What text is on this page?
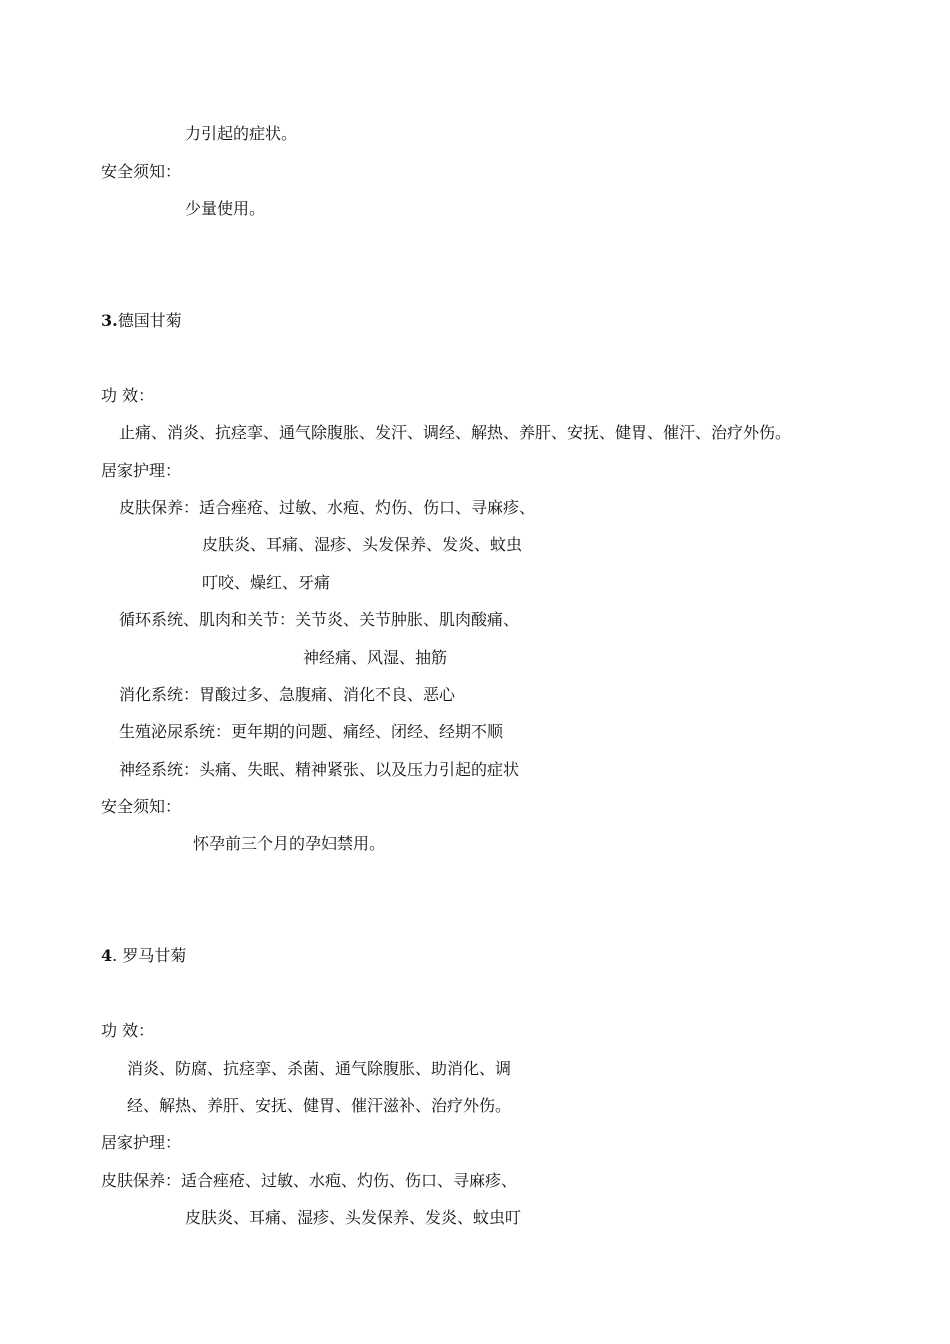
力引起的症状。
安全须知：
少量使用。
3.德国甘菊
功 效：
止痛、消炎、抗痉挛、通气除腹胀、发汗、调经、解热、养肝、安抚、健胃、催汗、治疗外伤。
居家护理：
皮肤保养：适合痤疮、过敏、水疱、灼伤、伤口、寻麻疹、
皮肤炎、耳痛、湿疹、头发保养、发炎、蚊虫
叮咬、燥红、牙痛
循环系统、肌肉和关节：关节炎、关节肿胀、肌肉酸痛、
神经痛、风湿、抽筋
消化系统：胃酸过多、急腹痛、消化不良、恶心
生殖泌尿系统：更年期的问题、痛经、闭经、经期不顺
神经系统：头痛、失眠、精神紧张、以及压力引起的症状
安全须知：
怀孕前三个月的孕妇禁用。
4. 罗马甘菊
功 效：
消炎、防腐、抗痉挛、杀菌、通气除腹胀、助消化、调
经、解热、养肝、安抚、健胃、催汗滋补、治疗外伤。
居家护理：
皮肤保养：适合痤疮、过敏、水疱、灼伤、伤口、寻麻疹、
皮肤炎、耳痛、湿疹、头发保养、发炎、蚊虫叮
